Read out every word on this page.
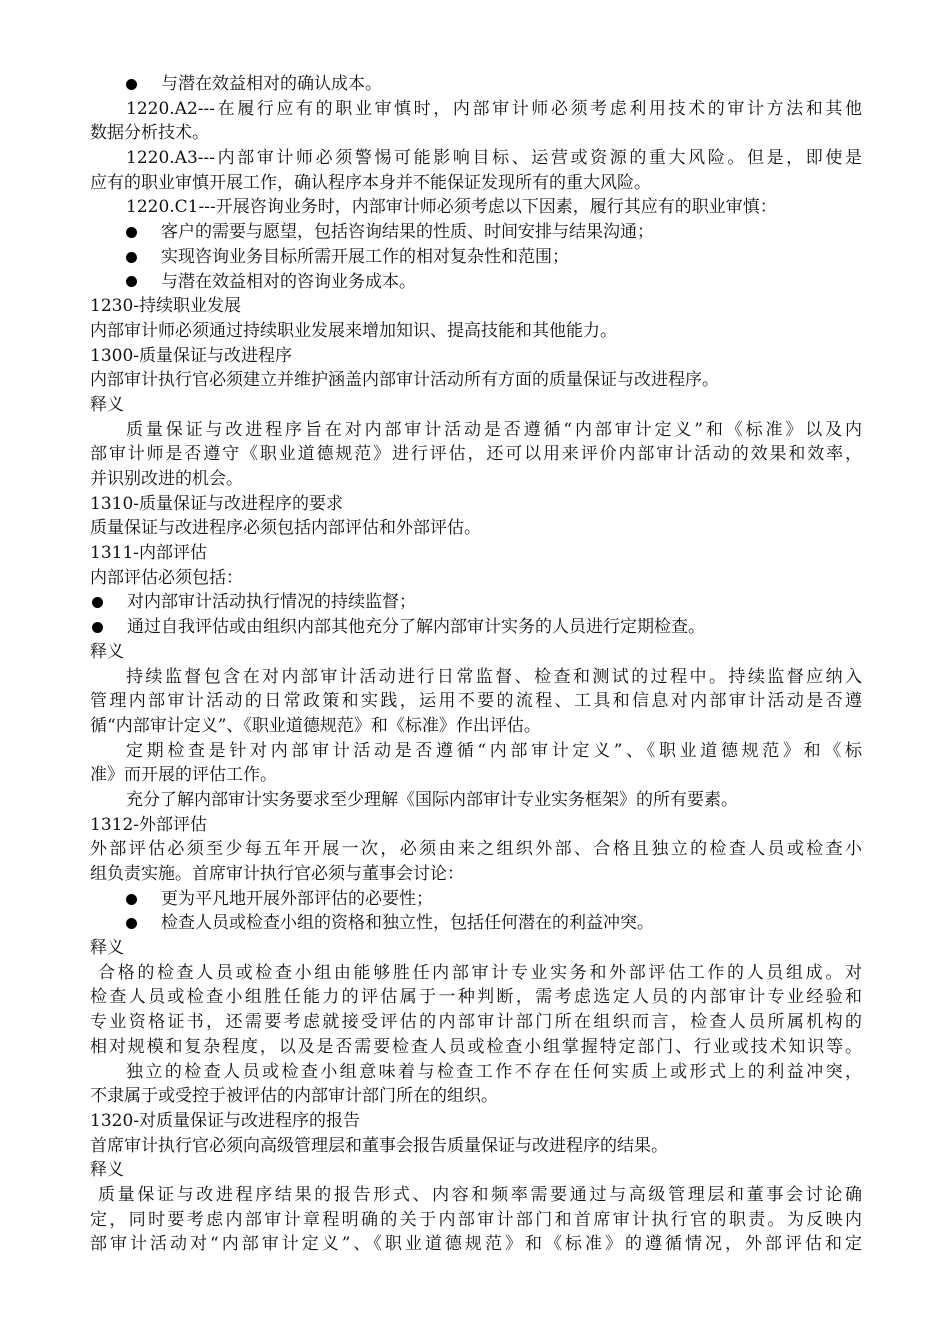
与潜在效益相对的确认成本。
1220.A2---在履行应有的职业审慎时，内部审计师必须考虑利用技术的审计方法和其他
数据分析技术。
1220.A3---内部审计师必须警惕可能影响目标、运营或资源的重大风险。但是，即使是
应有的职业审慎开展工作，确认程序本身并不能保证发现所有的重大风险。
1220.C1---开展咨询业务时，内部审计师必须考虑以下因素，履行其应有的职业审慎：
客户的需要与愿望，包括咨询结果的性质、时间安排与结果沟通；
实现咨询业务目标所需开展工作的相对复杂性和范围；
与潜在效益相对的咨询业务成本。
1230-持续职业发展
内部审计师必须通过持续职业发展来增加知识、提高技能和其他能力。
1300-质量保证与改进程序
内部审计执行官必须建立并维护涵盖内部审计活动所有方面的质量保证与改进程序。
释义
质量保证与改进程序旨在对内部审计活动是否遵循“内部审计定义”和《标准》以及内
部审计师是否遵守《职业道德规范》进行评估，还可以用来评价内部审计活动的效果和效率，
并识别改进的机会。
1310-质量保证与改进程序的要求
质量保证与改进程序必须包括内部评估和外部评估。
1311-内部评估
内部评估必须包括：
对内部审计活动执行情况的持续监督；
通过自我评估或由组织内部其他充分了解内部审计实务的人员进行定期检查。
释义
持续监督包含在对内部审计活动进行日常监督、检查和测试的过程中。持续监督应纳入
管理内部审计活动的日常政策和实践，运用不要的流程、工具和信息对内部审计活动是否遵
循“内部审计定义”、《职业道德规范》和《标准》作出评估。
定期检查是针对内部审计活动是否遵循“内部审计定义”、《职业道德规范》和《标
准》而开展的评估工作。
充分了解内部审计实务要求至少理解《国际内部审计专业实务框架》的所有要素。
1312-外部评估
外部评估必须至少每五年开展一次，必须由来之组织外部、合格且独立的检查人员或检查小
组负责实施。首席审计执行官必须与董事会讨论：
更为平凡地开展外部评估的必要性；
检查人员或检查小组的资格和独立性，包括任何潜在的利益冲突。
释义
合格的检查人员或检查小组由能够胜任内部审计专业实务和外部评估工作的人员组成。对
检查人员或检查小组胜任能力的评估属于一种判断，需考虑选定人员的内部审计专业经验和
专业资格证书，还需要考虑就接受评估的内部审计部门所在组织而言，检查人员所属机构的
相对规模和复杂程度，以及是否需要检查人员或检查小组掌握特定部门、行业或技术知识等。
独立的检查人员或检查小组意味着与检查工作不存在任何实质上或形式上的利益冲突，
不隶属于或受控于被评估的内部审计部门所在的组织。
1320-对质量保证与改进程序的报告
首席审计执行官必须向高级管理层和董事会报告质量保证与改进程序的结果。
释义
质量保证与改进程序结果的报告形式、内容和频率需要通过与高级管理层和董事会讨论确
定，同时要考虑内部审计章程明确的关于内部审计部门和首席审计执行官的职责。为反映内
部审计活动对“内部审计定义”、《职业道德规范》和《标准》的遵循情况，外部评估和定
